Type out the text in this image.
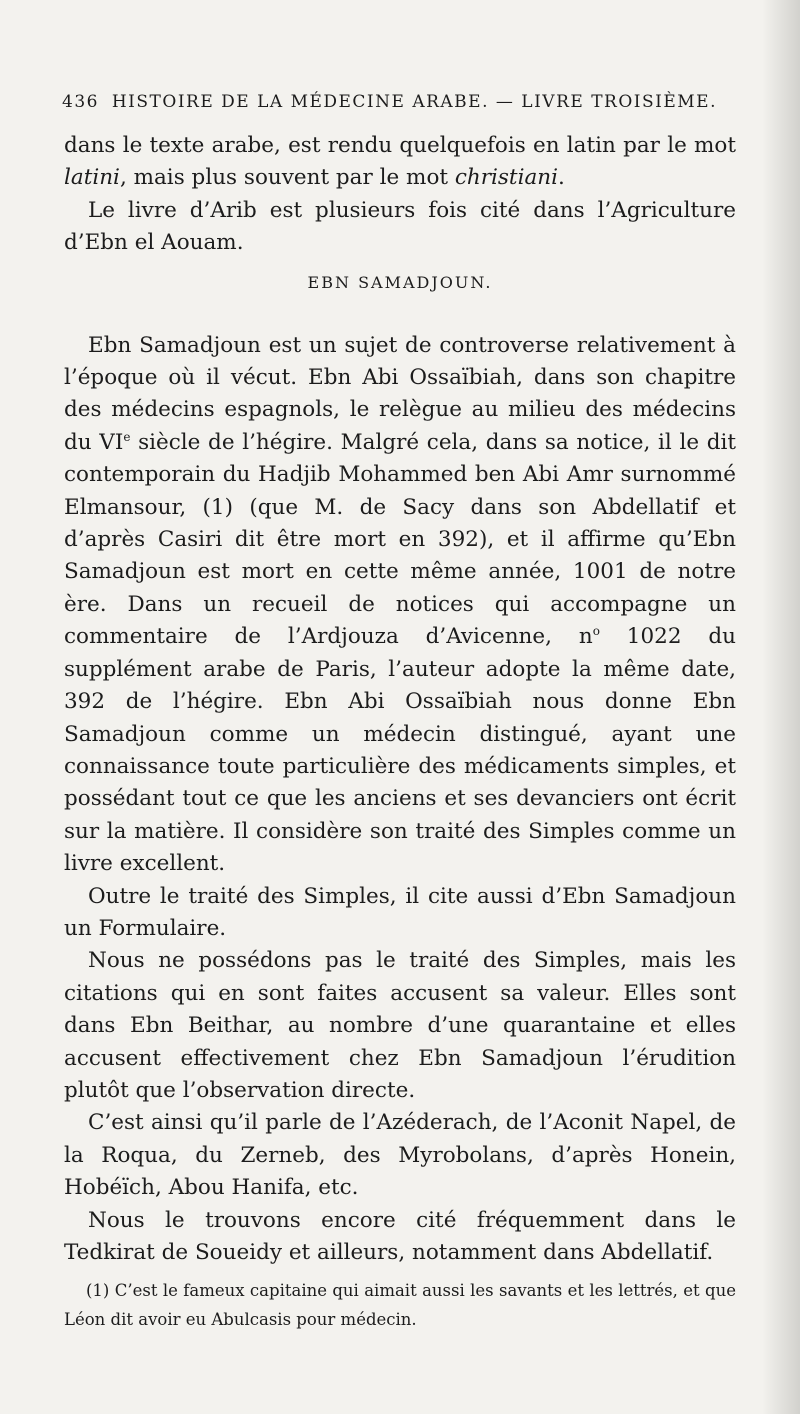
436 HISTOIRE DE LA MÉDECINE ARABE. — LIVRE TROISIÈME.

dans le texte arabe, est rendu quelquefois en latin par le mot latini, mais plus souvent par le mot christiani.

Le livre d’Arib est plusieurs fois cité dans l’Agriculture d’Ebn el Aouam.

EBN SAMADJOUN.

Ebn Samadjoun est un sujet de controverse relativement à l’époque où il vécut. Ebn Abi Ossaïbiah, dans son chapitre des médecins espagnols, le relègue au milieu des médecins du VIe siècle de l’hégire. Malgré cela, dans sa notice, il le dit contemporain du Hadjib Mohammed ben Abi Amr surnommé Elmansour, (1) (que M. de Sacy dans son Abdellatif et d’après Casiri dit être mort en 392), et il affirme qu’Ebn Samadjoun est mort en cette même année, 1001 de notre ère. Dans un recueil de notices qui accompagne un commentaire de l’Ardjouza d’Avicenne, $n^o$ 1022 du supplément arabe de Paris, l’auteur adopte la même date, 392 de l’hégire. Ebn Abi Ossaïbiah nous donne Ebn Samadjoun comme un médecin distingué, ayant une connaissance toute particulière des médicaments simples, et possédant tout ce que les anciens et ses devanciers ont écrit sur la matière. Il considère son traité des Simples comme un livre excellent.

Outre le traité des Simples, il cite aussi d’Ebn Samadjoun un Formulaire.

Nous ne possédons pas le traité des Simples, mais les citations qui en sont faites accusent sa valeur. Elles sont dans Ebn Beithar, au nombre d’une quarantaine et elles accusent effectivement chez Ebn Samadjoun l’érudition plutôt que l’observation directe.

C’est ainsi qu’il parle de l’Azéderach, de l’Aconit Napel, de la Roqua, du Zerneb, des Myrobolans, d’après Honein, Hobéïch, Abou Hanifa, etc.

Nous le trouvons encore cité fréquemment dans le Tedkirat de Soueidy et ailleurs, notamment dans Abdellatif.

(1) C’est le fameux capitaine qui aimait aussi les savants et les lettrés, et que Léon dit avoir eu Abulcasis pour médecin.
